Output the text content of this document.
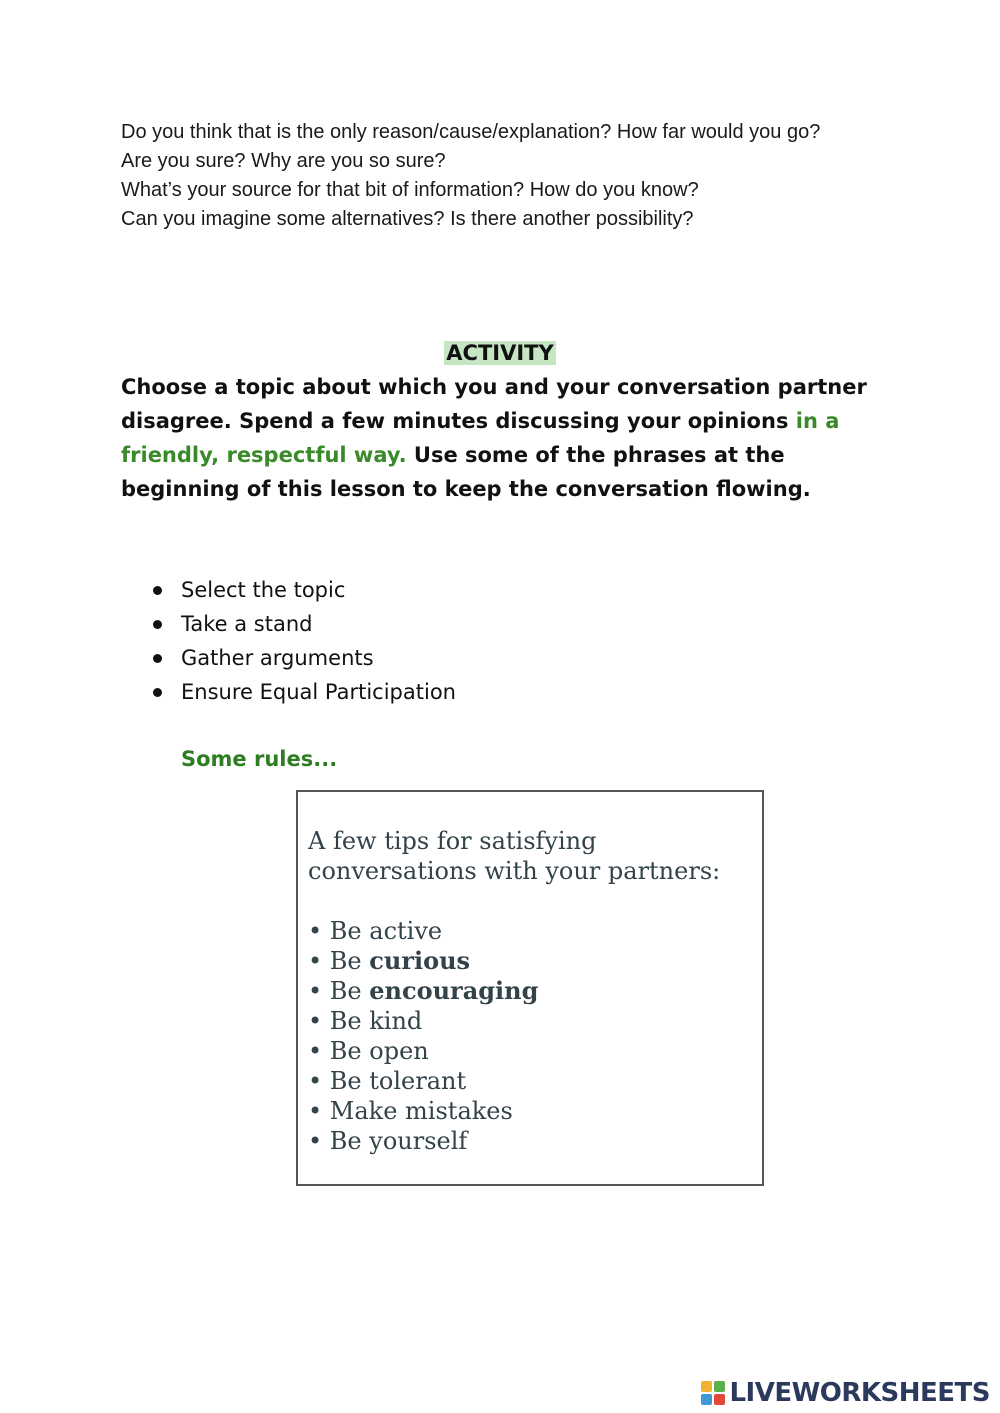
Do you think that is the only reason/cause/explanation? How far would you go?
Are you sure? Why are you so sure?
What’s your source for that bit of information? How do you know?
Can you imagine some alternatives? Is there another possibility?
ACTIVITY
Choose a topic about which you and your conversation partner disagree. Spend a few minutes discussing your opinions in a friendly, respectful way. Use some of the phrases at the beginning of this lesson to keep the conversation flowing.
Select the topic
Take a stand
Gather arguments
Ensure Equal Participation
Some rules...
A few tips for satisfying conversations with your partners:
• Be active
• Be curious
• Be encouraging
• Be kind
• Be open
• Be tolerant
• Make mistakes
• Be yourself
LIVEWORKSHEETS
